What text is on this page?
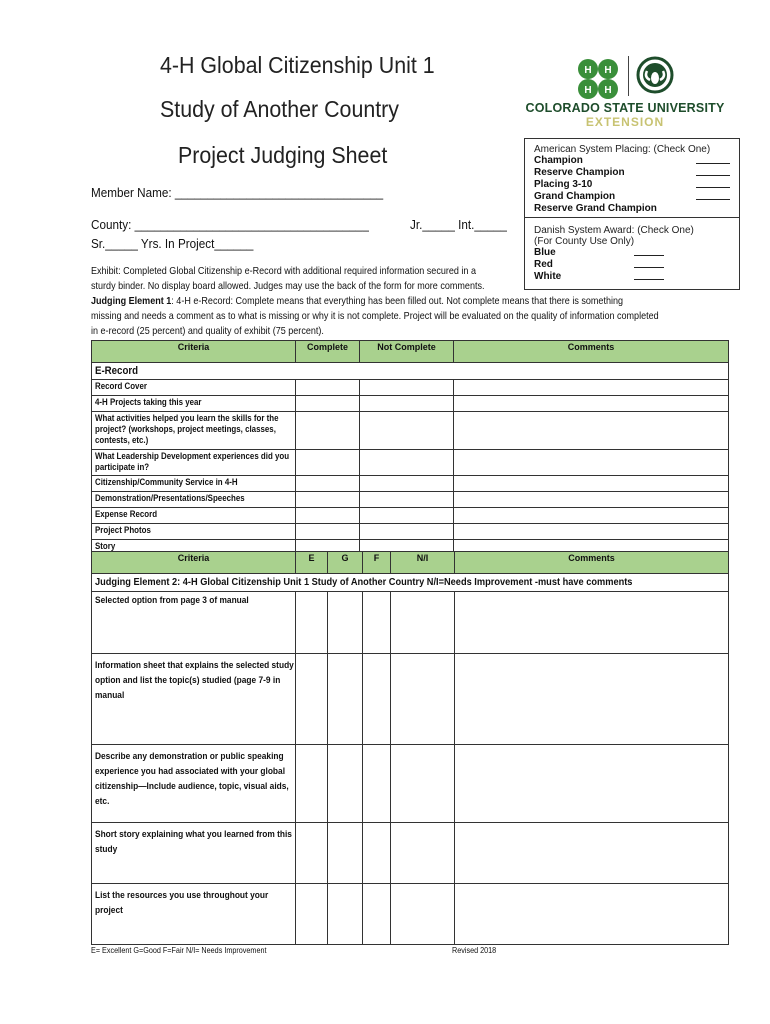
4-H Global Citizenship Unit 1
Study of Another Country
Project Judging Sheet
H H
H H
COLORADO STATE UNIVERSITY
EXTENSION
Member Name: ________________________________
County: ____________________________________	Jr._____ Int._____
Sr._____ Yrs. In Project______
American System Placing: (Check One)
Champion
Reserve Champion
Placing 3-10
Grand Champion
Reserve Grand Champion
Danish System Award: (Check One)
(For County Use Only)
Blue
Red
White
Exhibit: Completed Global Citizenship e-Record with additional required information secured in a
sturdy binder. No display board allowed. Judges may use the back of the form for more comments.
Judging Element 1: 4-H e-Record: Complete means that everything has been filled out. Not complete means that there is something
missing and needs a comment as to what is missing or why it is not complete. Project will be evaluated on the quality of information completed
in e-record (25 percent) and quality of exhibit (75 percent).
Criteria	Complete	Not Complete	Comments

E-Record			

Record Cover			

4-H Projects taking this year			

What activities helped you learn the skills for the project? (workshops, project meetings, classes, contests, etc.)			

What Leadership Development experiences did you participate in?			

Citizenship/Community Service in 4-H			

Demonstration/Presentations/Speeches			

Expense Record			

Project Photos			

Story			

Criteria	E	G	F	N/I	Comments

Judging Element 2: 4-H Global Citizenship Unit 1 Study of Another Country N/I=Needs Improvement -must have comments					

Selected option from page 3 of manual					

Information sheet that explains the selected study option and list the topic(s) studied (page 7-9 in manual					

Describe any demonstration or public speaking experience you had associated with your global citizenship—Include audience, topic, visual aids, etc.					

Short story explaining what you learned from this study					

List the resources you use throughout your project					

E= Excellent G=Good F=Fair N/I= Needs Improvement	Revised 2018
